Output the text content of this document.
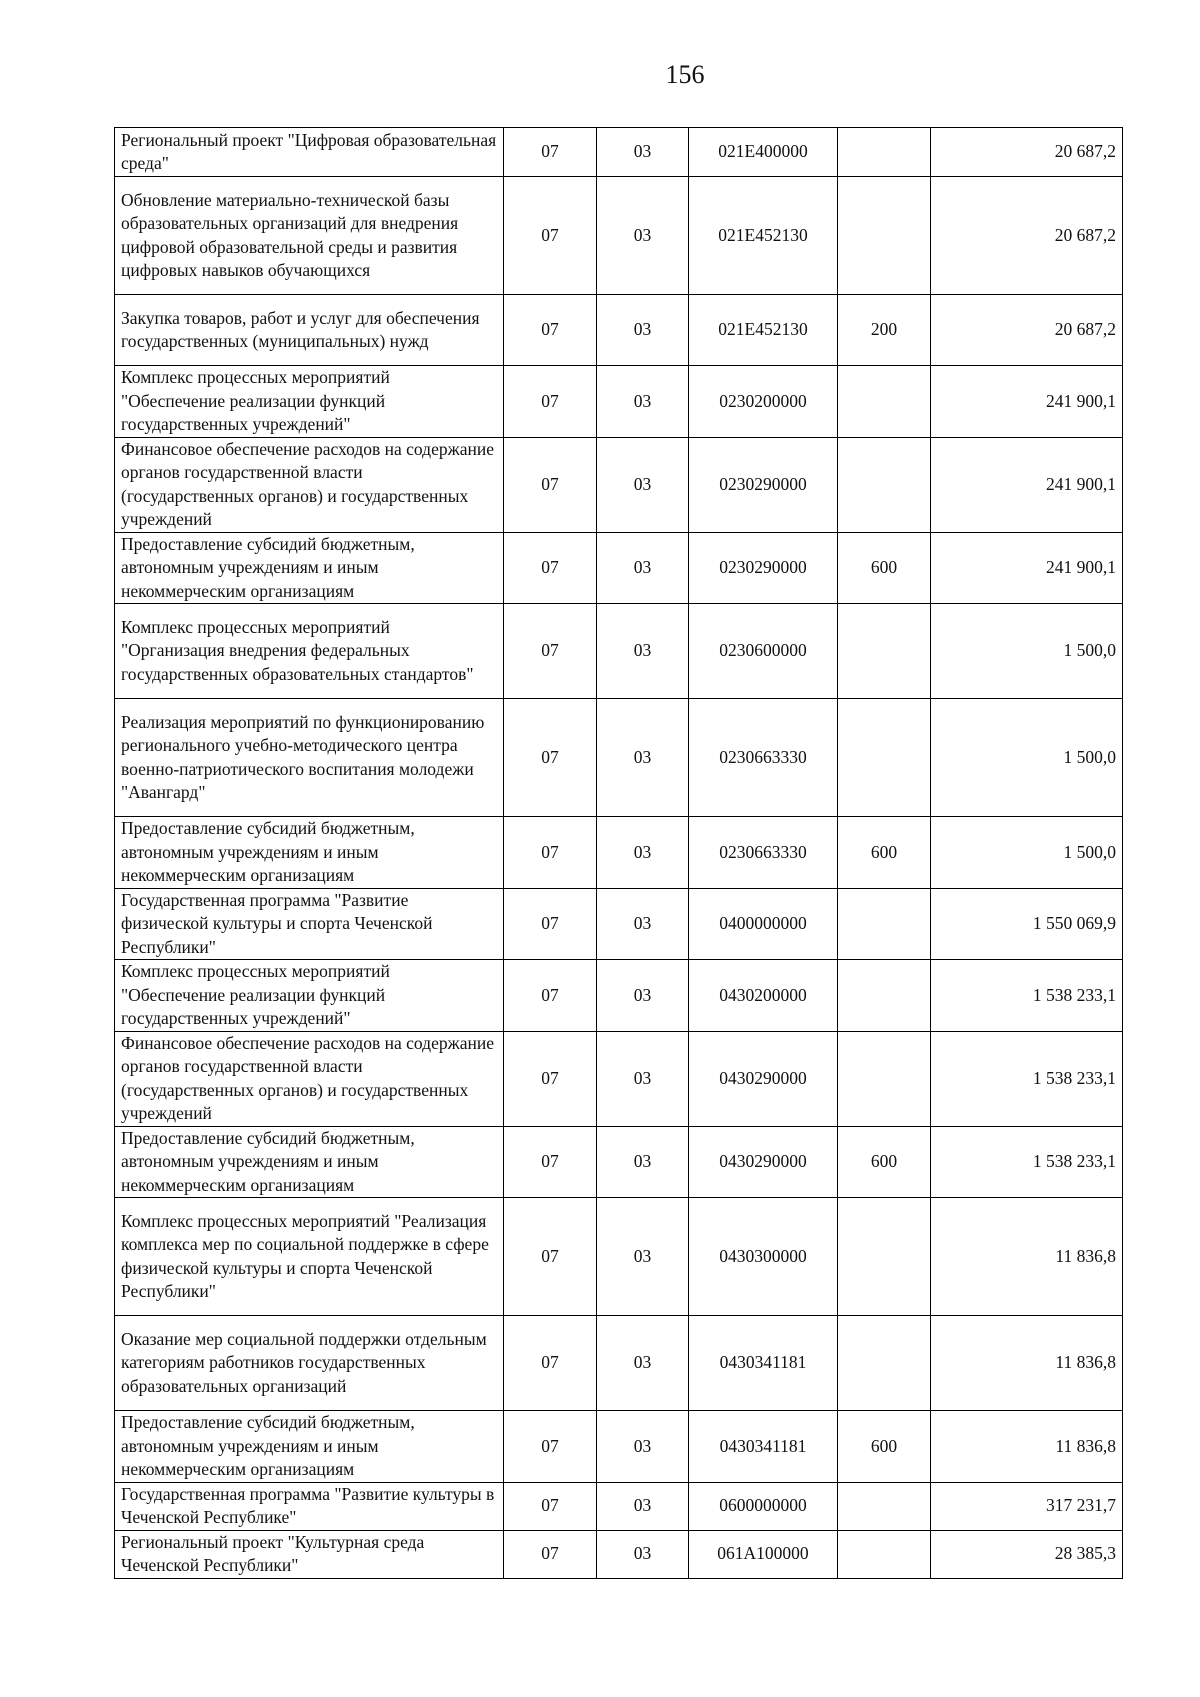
156
Региональный проект "Цифровая образовательная среда"	07	03	021E400000		20 687,2
Обновление материально-технической базы образовательных организаций для внедрения цифровой образовательной среды и развития цифровых навыков обучающихся	07	03	021E452130		20 687,2
Закупка товаров, работ и услуг для обеспечения государственных (муниципальных) нужд	07	03	021E452130	200	20 687,2
Комплекс процессных мероприятий "Обеспечение реализации функций государственных учреждений"	07	03	0230200000		241 900,1
Финансовое обеспечение расходов на содержание органов государственной власти (государственных органов) и государственных учреждений	07	03	0230290000		241 900,1
Предоставление субсидий бюджетным, автономным учреждениям и иным некоммерческим организациям	07	03	0230290000	600	241 900,1
Комплекс процессных мероприятий "Организация внедрения федеральных государственных образовательных стандартов"	07	03	0230600000		1 500,0
Реализация мероприятий по функционированию регионального учебно-методического центра военно-патриотического воспитания молодежи "Авангард"	07	03	0230663330		1 500,0
Предоставление субсидий бюджетным, автономным учреждениям и иным некоммерческим организациям	07	03	0230663330	600	1 500,0
Государственная программа "Развитие физической культуры и спорта Чеченской Республики"	07	03	0400000000		1 550 069,9
Комплекс процессных мероприятий "Обеспечение реализации функций государственных учреждений"	07	03	0430200000		1 538 233,1
Финансовое обеспечение расходов на содержание органов государственной власти (государственных органов) и государственных учреждений	07	03	0430290000		1 538 233,1
Предоставление субсидий бюджетным, автономным учреждениям и иным некоммерческим организациям	07	03	0430290000	600	1 538 233,1
Комплекс процессных мероприятий "Реализация комплекса мер по социальной поддержке в сфере физической культуры и спорта Чеченской Республики"	07	03	0430300000		11 836,8
Оказание мер социальной поддержки отдельным категориям работников государственных образовательных организаций	07	03	0430341181		11 836,8
Предоставление субсидий бюджетным, автономным учреждениям и иным некоммерческим организациям	07	03	0430341181	600	11 836,8
Государственная программа "Развитие культуры в Чеченской Республике"	07	03	0600000000		317 231,7
Региональный проект "Культурная среда Чеченской Республики"	07	03	061A100000		28 385,3
